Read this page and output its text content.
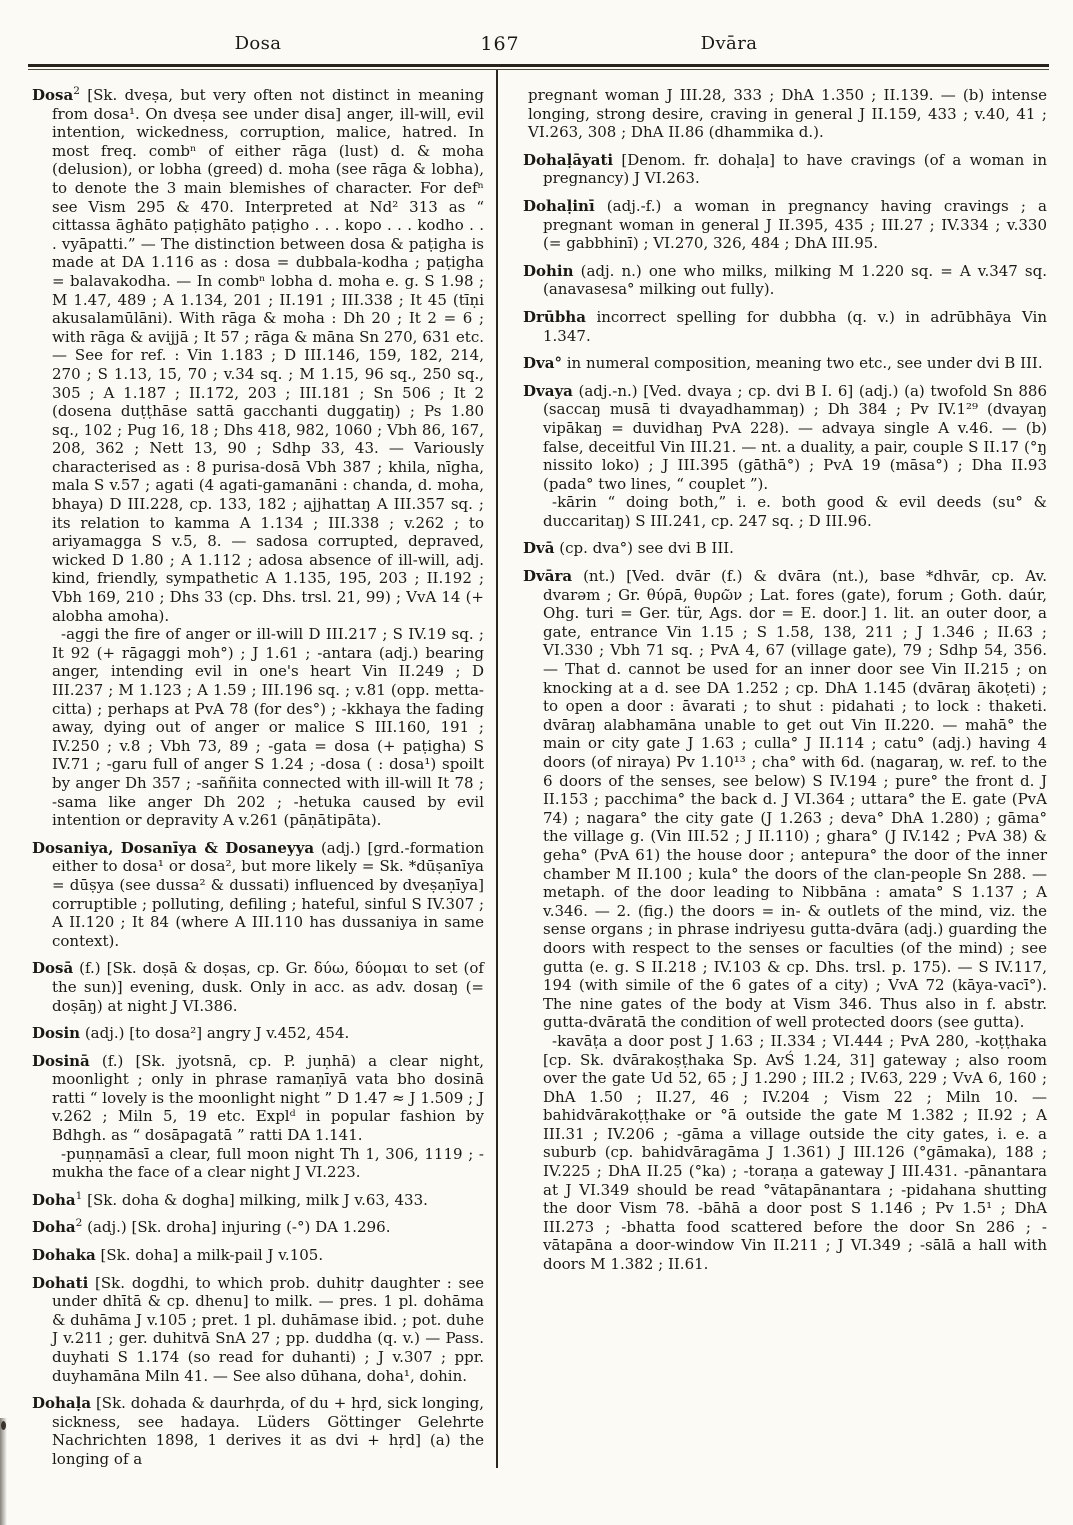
Dosa	167	Dvāra

Dosa$^2$ [Sk. dveṣa, but very often not distinct in meaning from dosa¹. On dveṣa see under disa] anger, ill-will, evil intention, wickedness, corruption, malice, hatred. In most freq. combⁿ of either rāga (lust) d. & moha (delusion), or lobha (greed) d. moha (see rāga & lobha), to denote the 3 main blemishes of character. For defⁿ see Vism 295 & 470. Interpreted at Nd² 313 as “ cittassa āghāto paṭighāto paṭigho . . . kopo . . . kodho . . . vyāpatti.” — The distinction between dosa & paṭigha is made at DA 1.116 as : dosa = dubbala-kodha ; paṭigha = balavakodha. — In combⁿ lobha d. moha e. g. S 1.98 ; M 1.47, 489 ; A 1.134, 201 ; II.191 ; III.338 ; It 45 (tīṇi akusalamūlāni). With rāga & moha : Dh 20 ; It 2 = 6 ; with rāga & avijjā ; It 57 ; rāga & māna Sn 270, 631 etc. — See for ref. : Vin 1.183 ; D III.146, 159, 182, 214, 270 ; S 1.13, 15, 70 ; v.34 sq. ; M 1.15, 96 sq., 250 sq., 305 ; A 1.187 ; II.172, 203 ; III.181 ; Sn 506 ; It 2 (dosena duṭṭhāse sattā gacchanti duggatiŋ) ; Ps 1.80 sq., 102 ; Pug 16, 18 ; Dhs 418, 982, 1060 ; Vbh 86, 167, 208, 362 ; Nett 13, 90 ; Sdhp 33, 43. — Variously characterised as : 8 purisa-dosā Vbh 387 ; khila, nīgha, mala S v.57 ; agati (4 agati-gamanāni : chanda, d. moha, bhaya) D III.228, cp. 133, 182 ; ajjhattaŋ A III.357 sq. ; its relation to kamma A 1.134 ; III.338 ; v.262 ; to ariyamagga S v.5, 8. — sadosa corrupted, depraved, wicked D 1.80 ; A 1.112 ; adosa absence of ill-will, adj. kind, friendly, sympathetic A 1.135, 195, 203 ; II.192 ; Vbh 169, 210 ; Dhs 33 (cp. Dhs. trsl. 21, 99) ; VvA 14 (+ alobha amoha).

-aggi the fire of anger or ill-will D III.217 ; S IV.19 sq. ; It 92 (+ rāgaggi moh°) ; J 1.61 ; -antara (adj.) bearing anger, intending evil in one's heart Vin II.249 ; D III.237 ; M 1.123 ; A 1.59 ; III.196 sq. ; v.81 (opp. metta-citta) ; perhaps at PvA 78 (for des°) ; -kkhaya the fading away, dying out of anger or malice S III.160, 191 ; IV.250 ; v.8 ; Vbh 73, 89 ; -gata = dosa (+ paṭigha) S IV.71 ; -garu full of anger S 1.24 ; -dosa ( : dosa¹) spoilt by anger Dh 357 ; -saññita connected with ill-will It 78 ; -sama like anger Dh 202 ; -hetuka caused by evil intention or depravity A v.261 (pāṇātipāta).

Dosaniya, Dosanīya & Dosaneyya (adj.) [grd.-formation either to dosa¹ or dosa², but more likely = Sk. *dūṣanīya = dūṣya (see dussa² & dussati) influenced by dveṣaṇīya] corruptible ; polluting, defiling ; hateful, sinful S IV.307 ; A II.120 ; It 84 (where A III.110 has dussaniya in same context).

Dosā (f.) [Sk. doṣā & doṣas, cp. Gr. δύω, δύομαι to set (of the sun)] evening, dusk. Only in acc. as adv. dosaŋ (= doṣāŋ) at night J VI.386.

Dosin (adj.) [to dosa²] angry J v.452, 454.

Dosinā (f.) [Sk. jyotsnā, cp. P. juṇhā) a clear night, moonlight ; only in phrase ramaṇīyā vata bho dosinā ratti “ lovely is the moonlight night ” D 1.47 ≈ J 1.509 ; J v.262 ; Miln 5, 19 etc. Explᵈ in popular fashion by Bdhgh. as “ dosāpagatā ” ratti DA 1.141.

-puṇṇamāsī a clear, full moon night Th 1, 306, 1119 ; -mukha the face of a clear night J VI.223.

Doha$^1$ [Sk. doha & dogha] milking, milk J v.63, 433.

Doha$^2$ (adj.) [Sk. droha] injuring (-°) DA 1.296.

Dohaka [Sk. doha] a milk-pail J v.105.

Dohati [Sk. dogdhi, to which prob. duhitṛ daughter : see under dhītā & cp. dhenu] to milk. — pres. 1 pl. dohāma & duhāma J v.105 ; pret. 1 pl. duhāmase ibid. ; pot. duhe J v.211 ; ger. duhitvā SnA 27 ; pp. duddha (q. v.) — Pass. duyhati S 1.174 (so read for duhanti) ; J v.307 ; ppr. duyhamāna Miln 41. — See also dūhana, doha¹, dohin.

Dohaḷa [Sk. dohada & daurhṛda, of du + hṛd, sick longing, sickness, see hadaya. Lüders Göttinger Gelehrte Nachrichten 1898, 1 derives it as dvi + hṛd] (a) the longing of a

pregnant woman J III.28, 333 ; DhA 1.350 ; II.139. — (b) intense longing, strong desire, craving in general J II.159, 433 ; v.40, 41 ; VI.263, 308 ; DhA II.86 (dhammika d.).

Dohaḷāyati [Denom. fr. dohaḷa] to have cravings (of a woman in pregnancy) J VI.263.

Dohaḷinī (adj.-f.) a woman in pregnancy having cravings ; a pregnant woman in general J II.395, 435 ; III.27 ; IV.334 ; v.330 (= gabbhinī) ; VI.270, 326, 484 ; DhA III.95.

Dohin (adj. n.) one who milks, milking M 1.220 sq. = A v.347 sq. (anavasesa° milking out fully).

Drūbha incorrect spelling for dubbha (q. v.) in adrūbhāya Vin 1.347.

Dva° in numeral composition, meaning two etc., see under dvi B III.

Dvaya (adj.-n.) [Ved. dvaya ; cp. dvi B I. 6] (adj.) (a) twofold Sn 886 (saccaŋ musā ti dvayadhammaŋ) ; Dh 384 ; Pv IV.1²⁹ (dvayaŋ vipākaŋ = duvidhaŋ PvA 228). — advaya single A v.46. — (b) false, deceitful Vin III.21. — nt. a duality, a pair, couple S II.17 (°ŋ nissito loko) ; J III.395 (gāthā°) ; PvA 19 (māsa°) ; Dha II.93 (pada° two lines, “ couplet ”).

-kārin “ doing both,” i. e. both good & evil deeds (su° & duccaritaŋ) S III.241, cp. 247 sq. ; D III.96.

Dvā (cp. dva°) see dvi B III.

Dvāra (nt.) [Ved. dvār (f.) & dvāra (nt.), base *dhvār, cp. Av. dvarəm ; Gr. θύρā, θυρῶν ; Lat. fores (gate), forum ; Goth. daúr, Ohg. turi = Ger. tür, Ags. dor = E. door.] 1. lit. an outer door, a gate, entrance Vin 1.15 ; S 1.58, 138, 211 ; J 1.346 ; II.63 ; VI.330 ; Vbh 71 sq. ; PvA 4, 67 (village gate), 79 ; Sdhp 54, 356. — That d. cannot be used for an inner door see Vin II.215 ; on knocking at a d. see DA 1.252 ; cp. DhA 1.145 (dvāraŋ ākoṭeti) ; to open a door : āvarati ; to shut : pidahati ; to lock : thaketi. dvāraŋ alabhamāna unable to get out Vin II.220. — mahā° the main or city gate J 1.63 ; culla° J II.114 ; catu° (adj.) having 4 doors (of niraya) Pv 1.10¹³ ; cha° with 6d. (nagaraŋ, w. ref. to the 6 doors of the senses, see below) S IV.194 ; pure° the front d. J II.153 ; pacchima° the back d. J VI.364 ; uttara° the E. gate (PvA 74) ; nagara° the city gate (J 1.263 ; deva° DhA 1.280) ; gāma° the village g. (Vin III.52 ; J II.110) ; ghara° (J IV.142 ; PvA 38) & geha° (PvA 61) the house door ; antepura° the door of the inner chamber M II.100 ; kula° the doors of the clan-people Sn 288. — metaph. of the door leading to Nibbāna : amata° S 1.137 ; A v.346. — 2. (fig.) the doors = in- & outlets of the mind, viz. the sense organs ; in phrase indriyesu gutta-dvāra (adj.) guarding the doors with respect to the senses or faculties (of the mind) ; see gutta (e. g. S II.218 ; IV.103 & cp. Dhs. trsl. p. 175). — S IV.117, 194 (with simile of the 6 gates of a city) ; VvA 72 (kāya-vacī°). The nine gates of the body at Vism 346. Thus also in f. abstr. gutta-dvāratā the condition of well protected doors (see gutta).

-kavāṭa a door post J 1.63 ; II.334 ; VI.444 ; PvA 280, -koṭṭhaka [cp. Sk. dvārakoṣṭhaka Sp. AvŚ 1.24, 31] gateway ; also room over the gate Ud 52, 65 ; J 1.290 ; III.2 ; IV.63, 229 ; VvA 6, 160 ; DhA 1.50 ; II.27, 46 ; IV.204 ; Vism 22 ; Miln 10. — bahidvārakoṭṭhake or °ā outside the gate M 1.382 ; II.92 ; A III.31 ; IV.206 ; -gāma a village outside the city gates, i. e. a suburb (cp. bahidvāragāma J 1.361) J III.126 (°gāmaka), 188 ; IV.225 ; DhA II.25 (°ka) ; -toraṇa a gateway J III.431. -pānantara at J VI.349 should be read °vātapānantara ; -pidahana shutting the door Vism 78. -bāhā a door post S 1.146 ; Pv 1.5¹ ; DhA III.273 ; -bhatta food scattered before the door Sn 286 ; -vātapāna a door-window Vin II.211 ; J VI.349 ; -sālā a hall with doors M 1.382 ; II.61.
